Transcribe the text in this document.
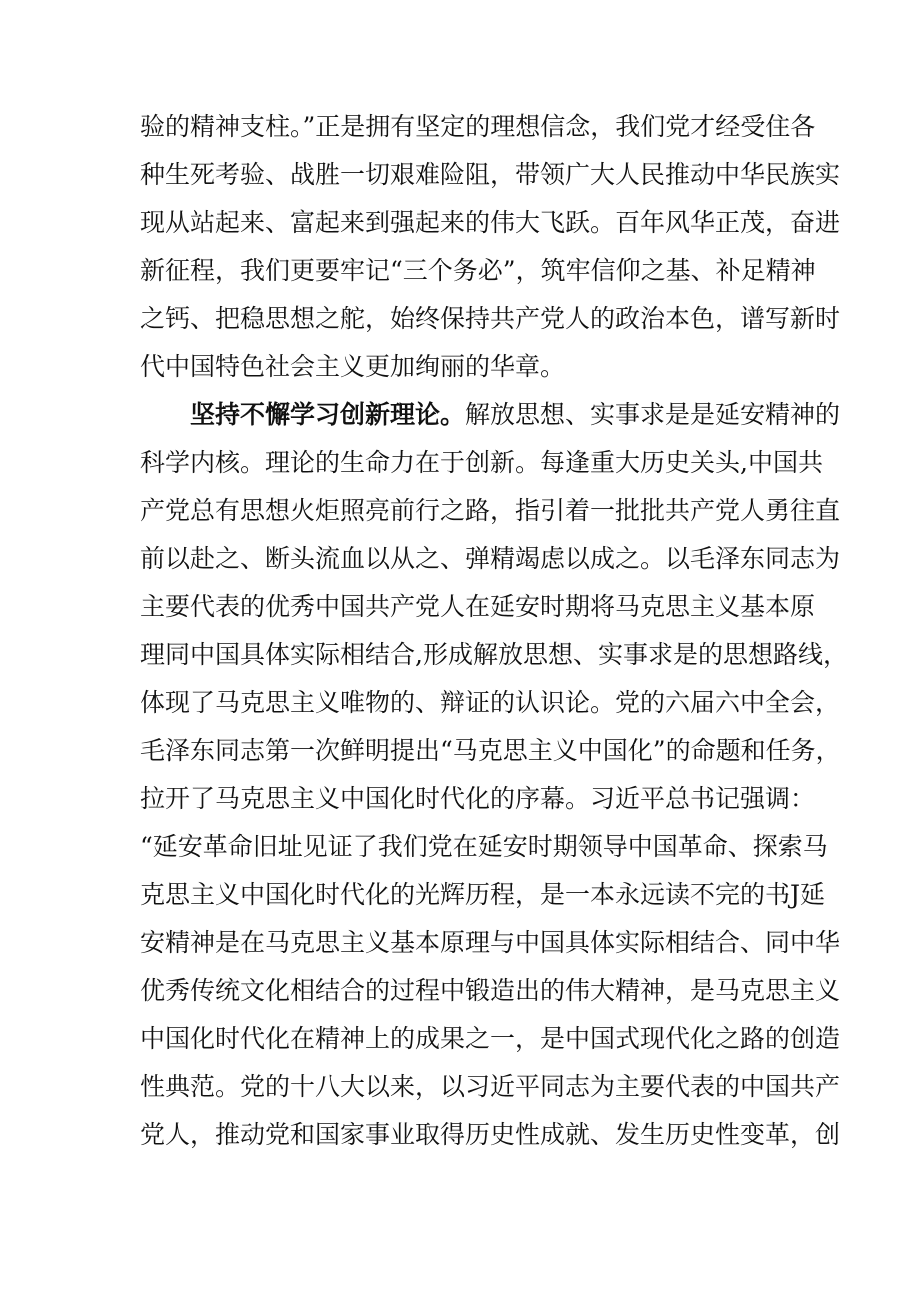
验的精神支柱。”正是拥有坚定的理想信念，我们党才经受住各
种生死考验、战胜一切艰难险阻，带领广大人民推动中华民族实
现从站起来、富起来到强起来的伟大飞跃。百年风华正茂，奋进
新征程，我们更要牢记“三个务必”，筑牢信仰之基、补足精神
之钙、把稳思想之舵，始终保持共产党人的政治本色，谱写新时
代中国特色社会主义更加绚丽的华章。
坚持不懈学习创新理论。解放思想、实事求是是延安精神的
科学内核。理论的生命力在于创新。每逢重大历史关头,中国共
产党总有思想火炬照亮前行之路，指引着一批批共产党人勇往直
前以赴之、断头流血以从之、弹精竭虑以成之。以毛泽东同志为
主要代表的优秀中国共产党人在延安时期将马克思主义基本原
理同中国具体实际相结合,形成解放思想、实事求是的思想路线，
体现了马克思主义唯物的、辩证的认识论。党的六届六中全会，
毛泽东同志第一次鲜明提出“马克思主义中国化”的命题和任务，
拉开了马克思主义中国化时代化的序幕。习近平总书记强调：
“延安革命旧址见证了我们党在延安时期领导中国革命、探索马
克思主义中国化时代化的光辉历程，是一本永远读不完的书J延
安精神是在马克思主义基本原理与中国具体实际相结合、同中华
优秀传统文化相结合的过程中锻造出的伟大精神，是马克思主义
中国化时代化在精神上的成果之一，是中国式现代化之路的创造
性典范。党的十八大以来，以习近平同志为主要代表的中国共产
党人，推动党和国家事业取得历史性成就、发生历史性变革，创
